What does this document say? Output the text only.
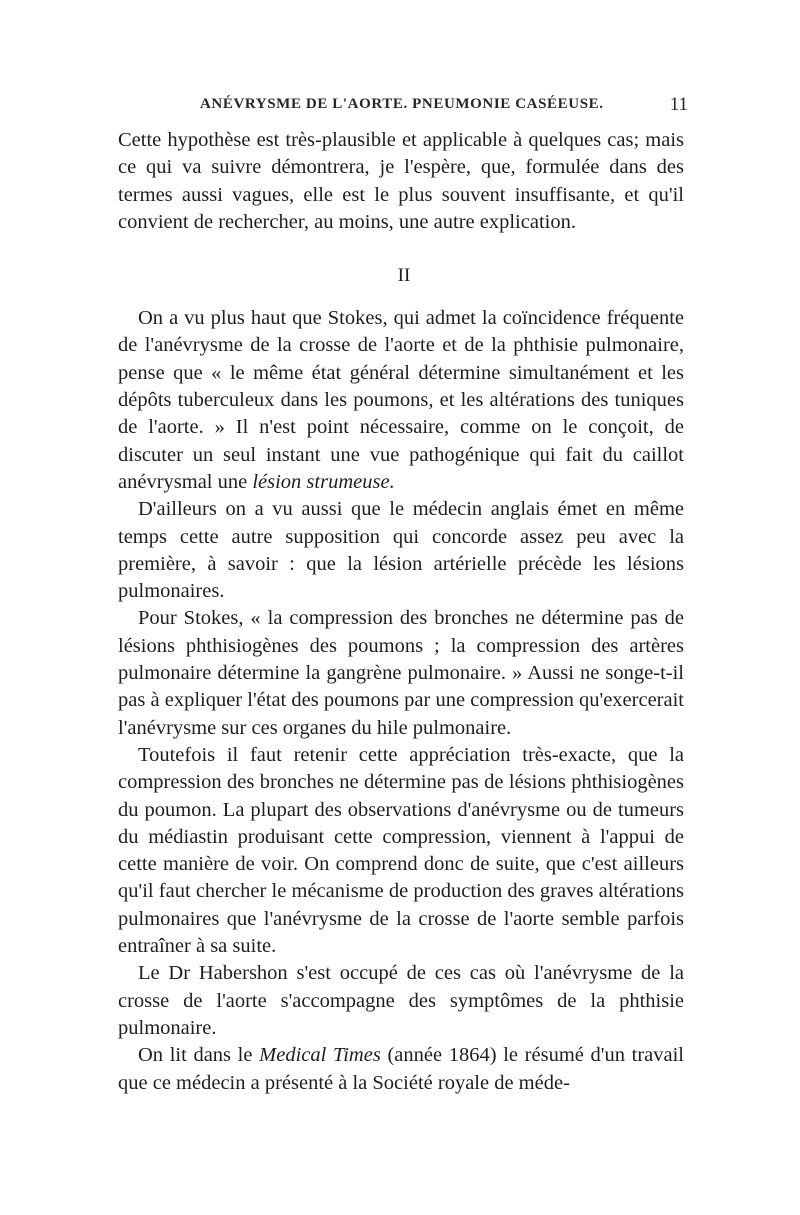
ANÉVRYSME DE L'AORTE. PNEUMONIE CASÉEUSE.	11

Cette hypothèse est très-plausible et applicable à quelques cas; mais ce qui va suivre démontrera, je l'espère, que, formulée dans des termes aussi vagues, elle est le plus souvent insuffisante, et qu'il convient de rechercher, au moins, une autre explication.

II

On a vu plus haut que Stokes, qui admet la coïncidence fréquente de l'anévrysme de la crosse de l'aorte et de la phthisie pulmonaire, pense que « le même état général détermine simultanément et les dépôts tuberculeux dans les poumons, et les altérations des tuniques de l'aorte. » Il n'est point nécessaire, comme on le conçoit, de discuter un seul instant une vue pathogénique qui fait du caillot anévrysmal une lésion strumeuse.

D'ailleurs on a vu aussi que le médecin anglais émet en même temps cette autre supposition qui concorde assez peu avec la première, à savoir : que la lésion artérielle précède les lésions pulmonaires.

Pour Stokes, « la compression des bronches ne détermine pas de lésions phthisiogènes des poumons ; la compression des artères pulmonaire détermine la gangrène pulmonaire. » Aussi ne songe-t-il pas à expliquer l'état des poumons par une compression qu'exercerait l'anévrysme sur ces organes du hile pulmonaire.

Toutefois il faut retenir cette appréciation très-exacte, que la compression des bronches ne détermine pas de lésions phthisiogènes du poumon. La plupart des observations d'anévrysme ou de tumeurs du médiastin produisant cette compression, viennent à l'appui de cette manière de voir. On comprend donc de suite, que c'est ailleurs qu'il faut chercher le mécanisme de production des graves altérations pulmonaires que l'anévrysme de la crosse de l'aorte semble parfois entraîner à sa suite.

Le Dr Habershon s'est occupé de ces cas où l'anévrysme de la crosse de l'aorte s'accompagne des symptômes de la phthisie pulmonaire.

On lit dans le Medical Times (année 1864) le résumé d'un travail que ce médecin a présenté à la Société royale de méde-
